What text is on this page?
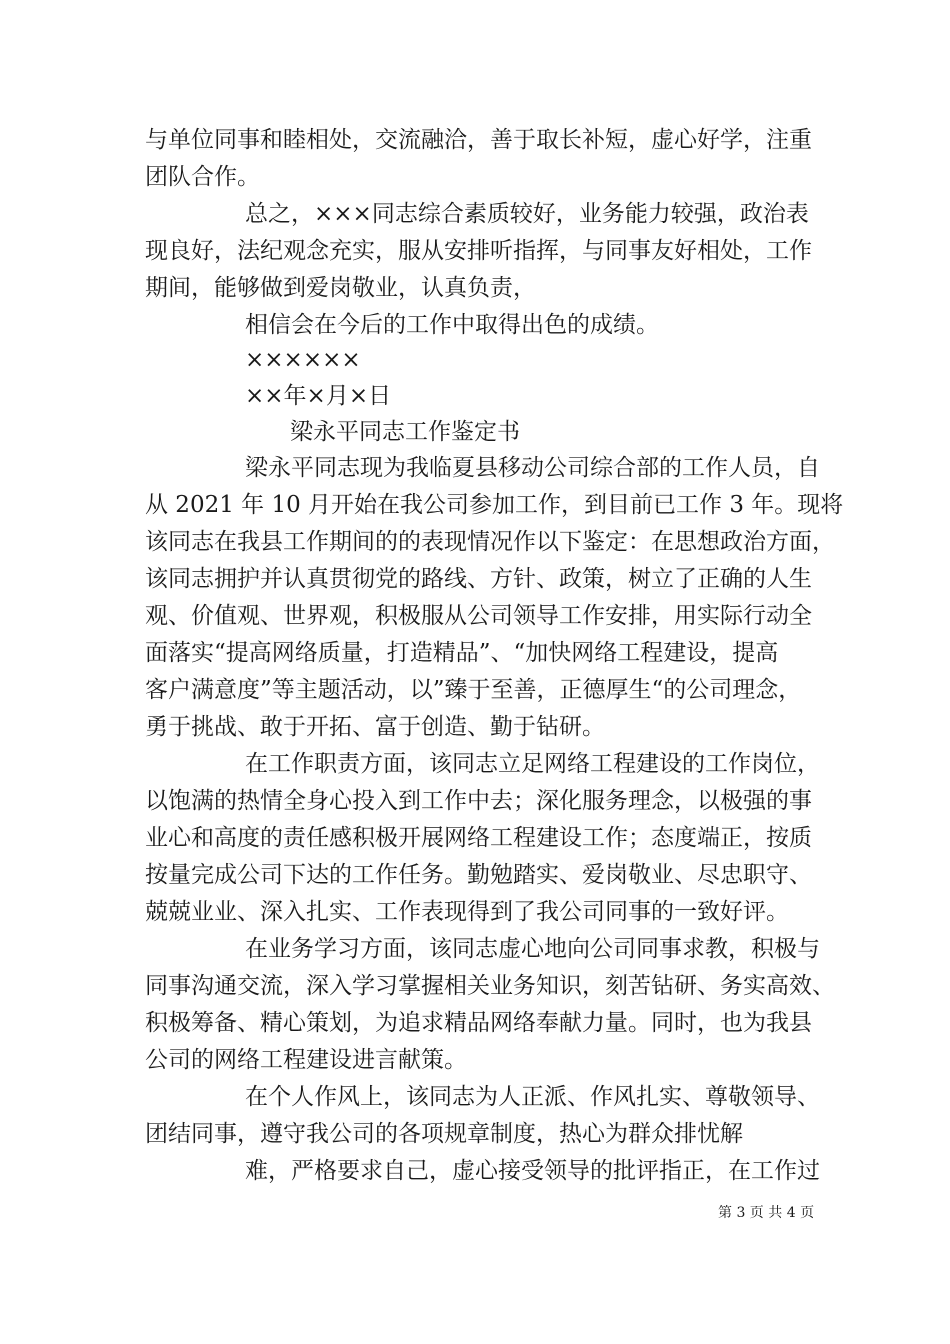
与单位同事和睦相处，交流融洽，善于取长补短，虚心好学，注重
团队合作。
总之，×××同志综合素质较好，业务能力较强，政治表
现良好，法纪观念充实，服从安排听指挥，与同事友好相处，工作
期间，能够做到爱岗敬业，认真负责，
相信会在今后的工作中取得出色的成绩。
××××××
××年×月×日
梁永平同志工作鉴定书
梁永平同志现为我临夏县移动公司综合部的工作人员，自
从 2021 年 10 月开始在我公司参加工作，到目前已工作 3 年。现将
该同志在我县工作期间的的表现情况作以下鉴定：在思想政治方面，
该同志拥护并认真贯彻党的路线、方针、政策，树立了正确的人生
观、价值观、世界观，积极服从公司领导工作安排，用实际行动全
面落实“提高网络质量，打造精品”、“加快网络工程建设，提高
客户满意度”等主题活动，以”臻于至善，正德厚生“的公司理念，
勇于挑战、敢于开拓、富于创造、勤于钻研。
在工作职责方面，该同志立足网络工程建设的工作岗位，
以饱满的热情全身心投入到工作中去；深化服务理念，以极强的事
业心和高度的责任感积极开展网络工程建设工作；态度端正，按质
按量完成公司下达的工作任务。勤勉踏实、爱岗敬业、尽忠职守、
兢兢业业、深入扎实、工作表现得到了我公司同事的一致好评。
在业务学习方面，该同志虚心地向公司同事求教，积极与
同事沟通交流，深入学习掌握相关业务知识，刻苦钻研、务实高效、
积极筹备、精心策划，为追求精品网络奉献力量。同时，也为我县
公司的网络工程建设进言献策。
在个人作风上，该同志为人正派、作风扎实、尊敬领导、
团结同事，遵守我公司的各项规章制度，热心为群众排忧解
难，严格要求自己，虚心接受领导的批评指正，在工作过
第 3 页 共 4 页
